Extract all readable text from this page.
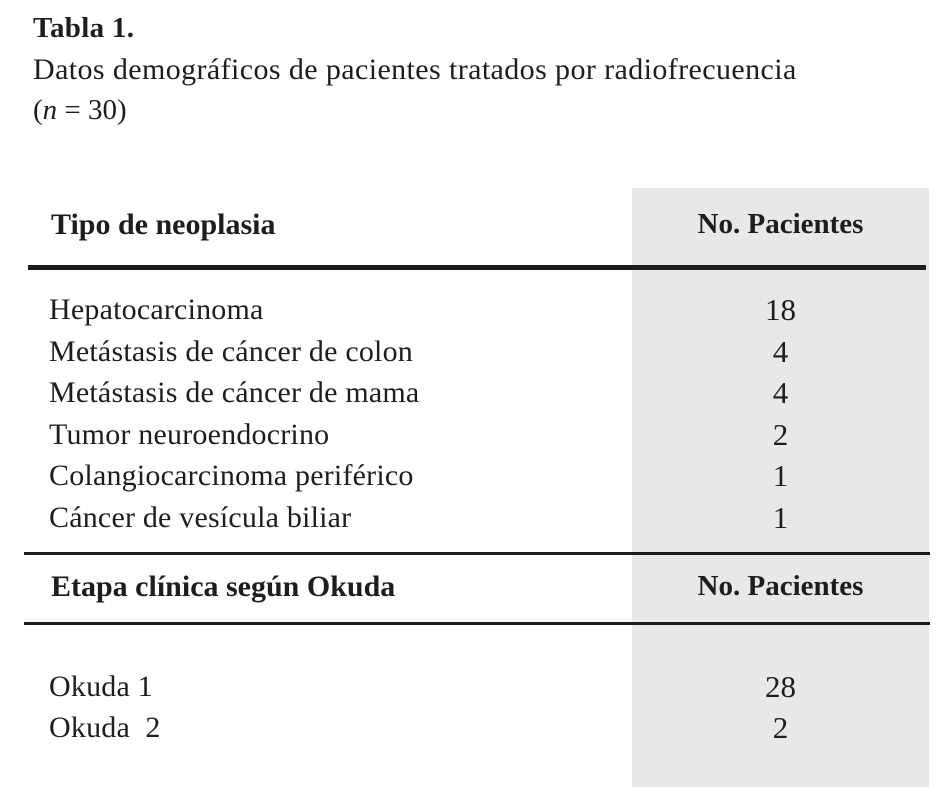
Tabla 1.
Datos demográficos de pacientes tratados por radiofrecuencia
(n = 30)
Tipo de neoplasia	No. Pacientes
Hepatocarcinoma
Metástasis de cáncer de colon
Metástasis de cáncer de mama
Tumor neuroendocrino
Colangiocarcinoma periférico
Cáncer de vesícula biliar
18
4
4
2
1
1
Etapa clínica según Okuda	No. Pacientes
Okuda 1
Okuda  2
28
2
